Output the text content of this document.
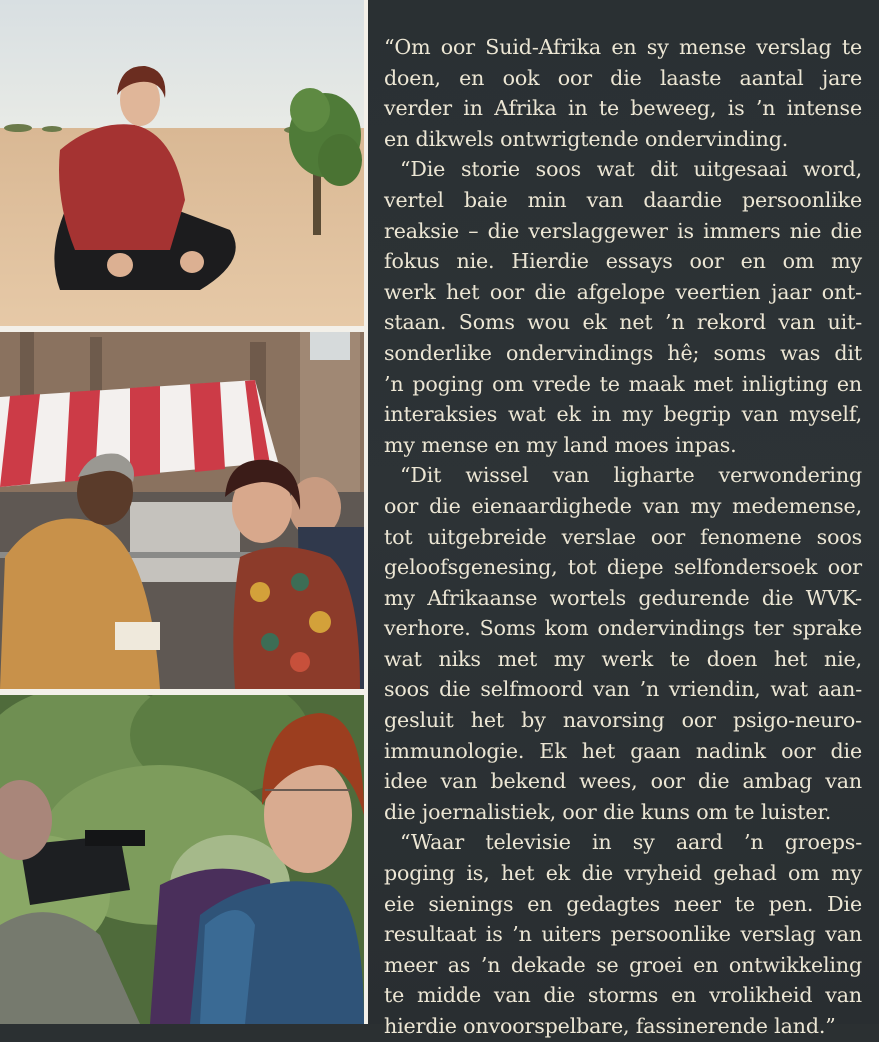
“Om oor Suid-Afrika en sy mense verslag te
doen, en ook oor die laaste aantal jare
verder in Afrika in te beweeg, is ’n intense
en dikwels ontwrigtende ondervinding.
“Die storie soos wat dit uitgesaai word,
vertel baie min van daardie persoonlike
reaksie – die verslaggewer is immers nie die
fokus nie. Hierdie essays oor en om my
werk het oor die afgelope veertien jaar ont-
staan. Soms wou ek net ’n rekord van uit-
sonderlike ondervindings hê; soms was dit
’n poging om vrede te maak met inligting en
interaksies wat ek in my begrip van myself,
my mense en my land moes inpas.
“Dit wissel van ligharte verwondering
oor die eienaardighede van my medemense,
tot uitgebreide verslae oor fenomene soos
geloofsgenesing, tot diepe selfondersoek oor
my Afrikaanse wortels gedurende die WVK-
verhore. Soms kom ondervindings ter sprake
wat niks met my werk te doen het nie,
soos die selfmoord van ’n vriendin, wat aan-
gesluit het by navorsing oor psigo-neuro-
immunologie. Ek het gaan nadink oor die
idee van bekend wees, oor die ambag van
die joernalistiek, oor die kuns om te luister.
“Waar televisie in sy aard ’n groeps-
poging is, het ek die vryheid gehad om my
eie sienings en gedagtes neer te pen. Die
resultaat is ’n uiters persoonlike verslag van
meer as ’n dekade se groei en ontwikkeling
te midde van die storms en vrolikheid van
hierdie onvoorspelbare, fassinerende land.”
